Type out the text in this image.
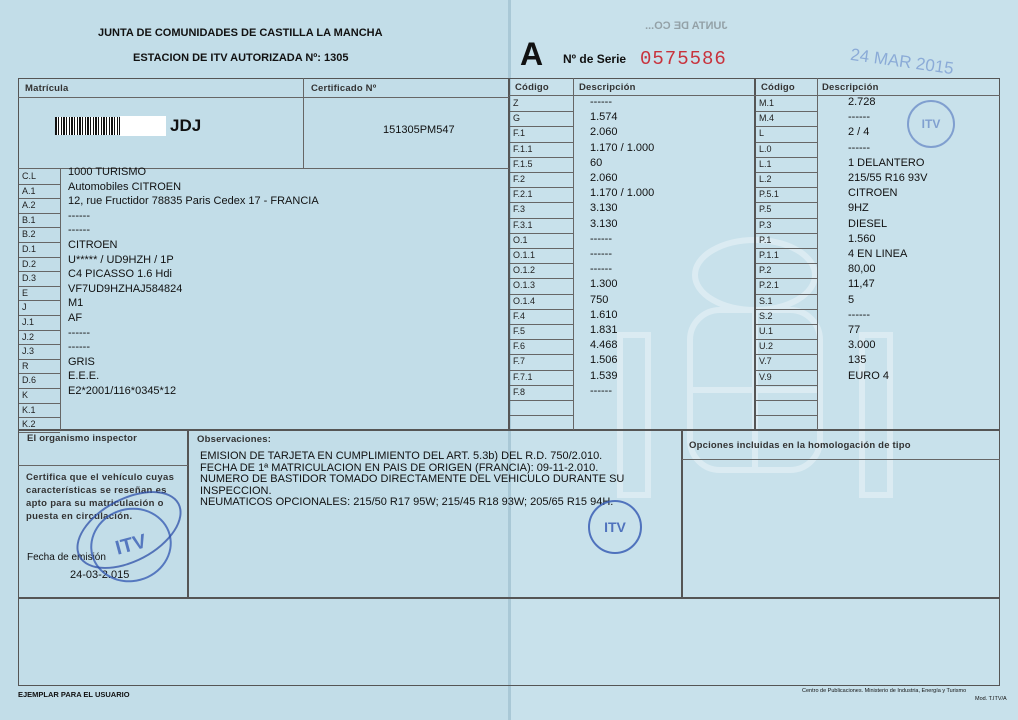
JUNTA DE COMUNIDADES DE CASTILLA LA MANCHA
ESTACION DE ITV AUTORIZADA Nº: 1305	A Nº de Serie 0575586
JUNTA DE CO...
24 MAR 2015
ITV
Matrícula	Certificado Nº
JDJ	151305PM547
C.L	1000 TURISMO
A.1	Automobiles CITROEN
A.2	12, rue Fructidor 78835 Paris Cedex 17 - FRANCIA
B.1	------
B.2	------
D.1	CITROEN
D.2	U***** / UD9HZH / 1P
D.3	C4 PICASSO 1.6 Hdi
E	VF7UD9HZHAJ584824
J	M1
J.1	AF
J.2	------
J.3	------
R	GRIS
D.6	E.E.E.
K	E2*2001/116*0345*12
K.1
K.2
Código	Descripción
Z	------
G	1.574
F.1	2.060
F.1.1	1.170 / 1.000
F.1.5	60
F.2	2.060
F.2.1	1.170 / 1.000
F.3	3.130
F.3.1	3.130
O.1	------
O.1.1	------
O.1.2	------
O.1.3	1.300
O.1.4	750
F.4	1.610
F.5	1.831
F.6	4.468
F.7	1.506
F.7.1	1.539
F.8	------
Código	Descripción
M.1	2.728
M.4	------
L	2 / 4
L.0	------
L.1	1 DELANTERO
L.2	215/55 R16 93V
P.5.1	CITROEN
P.5	9HZ
P.3	DIESEL
P.1	1.560
P.1.1	4 EN LINEA
P.2	80,00
P.2.1	11,47
S.1	5
S.2	------
U.1	77
U.2	3.000
V.7	135
V.9	EURO 4
El organismo inspector
Certifica que el vehículo cuyas características se reseñan es apto para su matriculación o puesta en circulación.
Fecha de emisión
24-03-2.015
ITV
Observaciones:
EMISION DE TARJETA EN CUMPLIMIENTO DEL ART. 5.3b) DEL R.D. 750/2.010.
FECHA DE 1ª MATRICULACION EN PAIS DE ORIGEN (FRANCIA): 09-11-2.010.
NUMERO DE BASTIDOR TOMADO DIRECTAMENTE DEL VEHICULO DURANTE SU
INSPECCION.
NEUMATICOS OPCIONALES: 215/50 R17 95W; 215/45 R18 93W; 205/65 R15 94H.
ITV
Opciones incluidas en la homologación de tipo
EJEMPLAR PARA EL USUARIO	Centro de Publicaciones. Ministerio de Industria, Energía y Turismo
Mod. T.ITV/A
